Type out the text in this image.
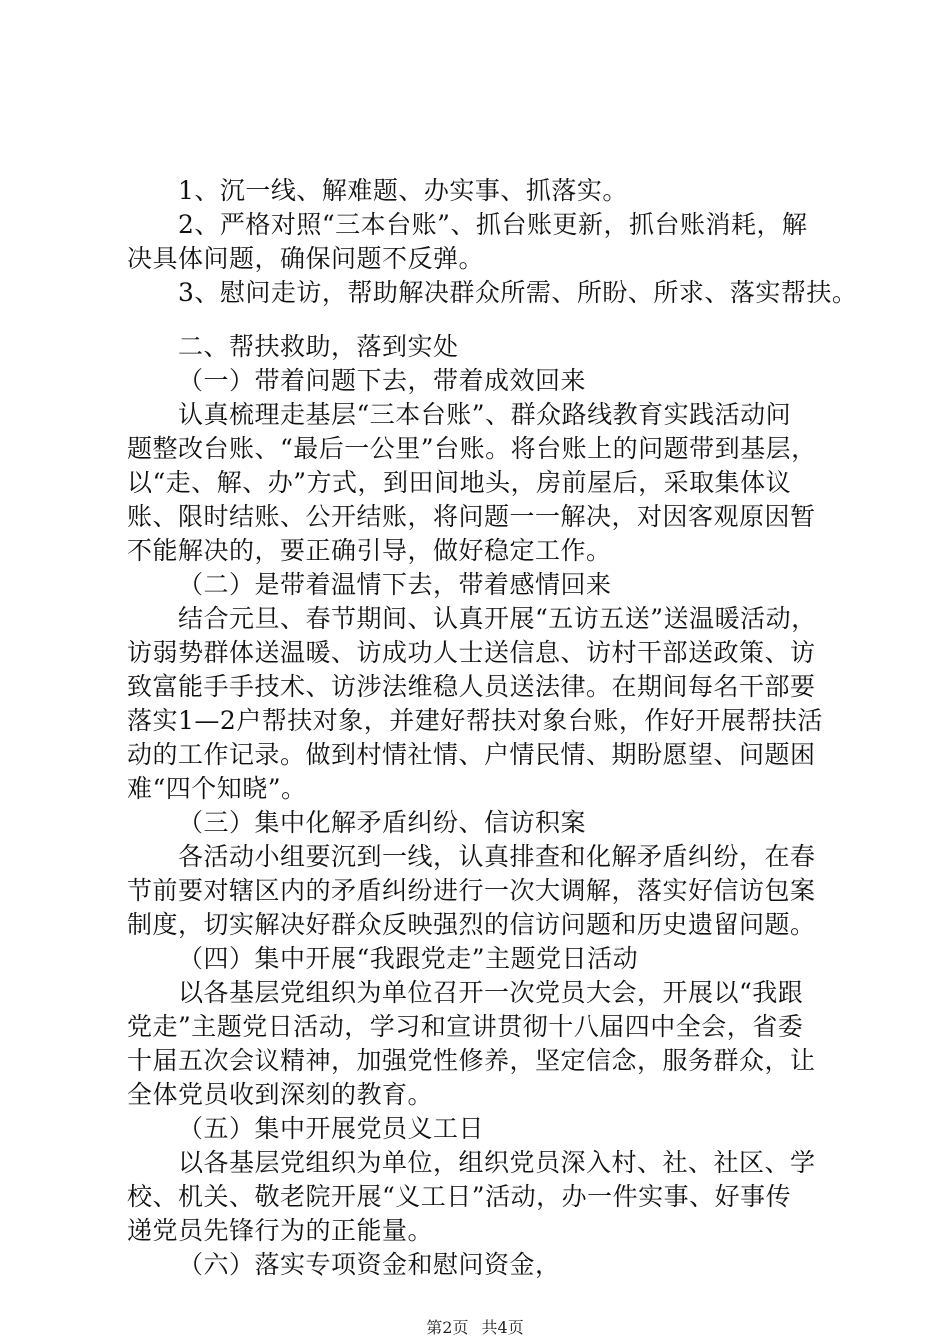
1、沉一线、解难题、办实事、抓落实。
2、严格对照“三本台账”、抓台账更新，抓台账消耗，解
决具体问题，确保问题不反弹。
3、慰问走访，帮助解决群众所需、所盼、所求、落实帮扶。
二、帮扶救助，落到实处
（一）带着问题下去，带着成效回来
认真梳理走基层“三本台账”、群众路线教育实践活动问
题整改台账、“最后一公里”台账。将台账上的问题带到基层，
以“走、解、办”方式，到田间地头，房前屋后，采取集体议
账、限时结账、公开结账，将问题一一解决，对因客观原因暂
不能解决的，要正确引导，做好稳定工作。
（二）是带着温情下去，带着感情回来
结合元旦、春节期间、认真开展“五访五送”送温暖活动，
访弱势群体送温暖、访成功人士送信息、访村干部送政策、访
致富能手手技术、访涉法维稳人员送法律。在期间每名干部要
落实1—2户帮扶对象，并建好帮扶对象台账，作好开展帮扶活
动的工作记录。做到村情社情、户情民情、期盼愿望、问题困
难“四个知晓”。
（三）集中化解矛盾纠纷、信访积案
各活动小组要沉到一线，认真排查和化解矛盾纠纷，在春
节前要对辖区内的矛盾纠纷进行一次大调解，落实好信访包案
制度，切实解决好群众反映强烈的信访问题和历史遗留问题。
（四）集中开展“我跟党走”主题党日活动
以各基层党组织为单位召开一次党员大会，开展以“我跟
党走”主题党日活动，学习和宣讲贯彻十八届四中全会，省委
十届五次会议精神，加强党性修养，坚定信念，服务群众，让
全体党员收到深刻的教育。
（五）集中开展党员义工日
以各基层党组织为单位，组织党员深入村、社、社区、学
校、机关、敬老院开展“义工日”活动，办一件实事、好事传
递党员先锋行为的正能量。
（六）落实专项资金和慰问资金，
第2页 共4页
